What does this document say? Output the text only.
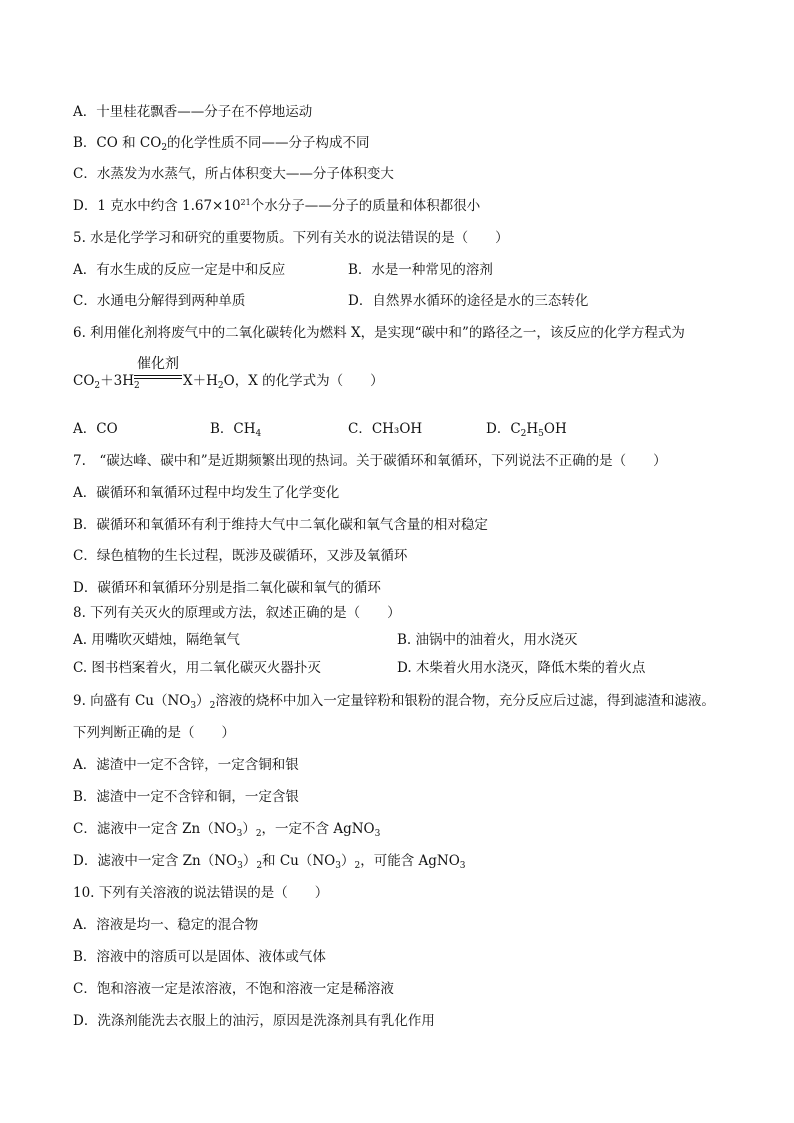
A．十里桂花飘香——分子在不停地运动
B．CO 和 $CO_2$的化学性质不同——分子构成不同
C．水蒸发为水蒸气，所占体积变大——分子体积变大
D．1 克水中约含 $1.67\times 10^{21}$个水分子——分子的质量和体积都很小
5. 水是化学学习和研究的重要物质。下列有关水的说法错误的是（　　）
A．有水生成的反应一定是中和反应	B．水是一种常见的溶剂
C．水通电分解得到两种单质	D．自然界水循环的途径是水的三态转化
6. 利用催化剂将废气中的二氧化碳转化为燃料 X，是实现“碳中和”的路径之一，该反应的化学方程式为
催化剂
$CO_2+3H_2$	$X+H_2O$，X 的化学式为（　　）
A．CO	B．$CH_4$	C．CH₃OH	D．$C_2H_5OH$
7.　“碳达峰、碳中和”是近期频繁出现的热词。关于碳循环和氧循环，下列说法不正确的是（　　）
A．碳循环和氧循环过程中均发生了化学变化
B．碳循环和氧循环有利于维持大气中二氧化碳和氧气含量的相对稳定
C．绿色植物的生长过程，既涉及碳循环，又涉及氧循环
D．碳循环和氧循环分别是指二氧化碳和氧气的循环
8. 下列有关灭火的原理或方法，叙述正确的是（　　）
A. 用嘴吹灭蜡烛，隔绝氧气	B. 油锅中的油着火，用水浇灭
C. 图书档案着火，用二氧化碳灭火器扑灭	D. 木柴着火用水浇灭，降低木柴的着火点
9. 向盛有 $Cu(NO_3)_2$溶液的烧杯中加入一定量锌粉和银粉的混合物，充分反应后过滤，得到滤渣和滤液。
下列判断正确的是（　　）
A．滤渣中一定不含锌，一定含铜和银
B．滤渣中一定不含锌和铜，一定含银
C．滤液中一定含 $Zn(NO_3)_2$，一定不含 AgNO$_3$
D．滤液中一定含 $Zn(NO_3)_2$和 $Cu(NO_3)_2$，可能含 AgNO$_3$
10. 下列有关溶液的说法错误的是（　　）
A．溶液是均一、稳定的混合物
B．溶液中的溶质可以是固体、液体或气体
C．饱和溶液一定是浓溶液，不饱和溶液一定是稀溶液
D．洗涤剂能洗去衣服上的油污，原因是洗涤剂具有乳化作用
